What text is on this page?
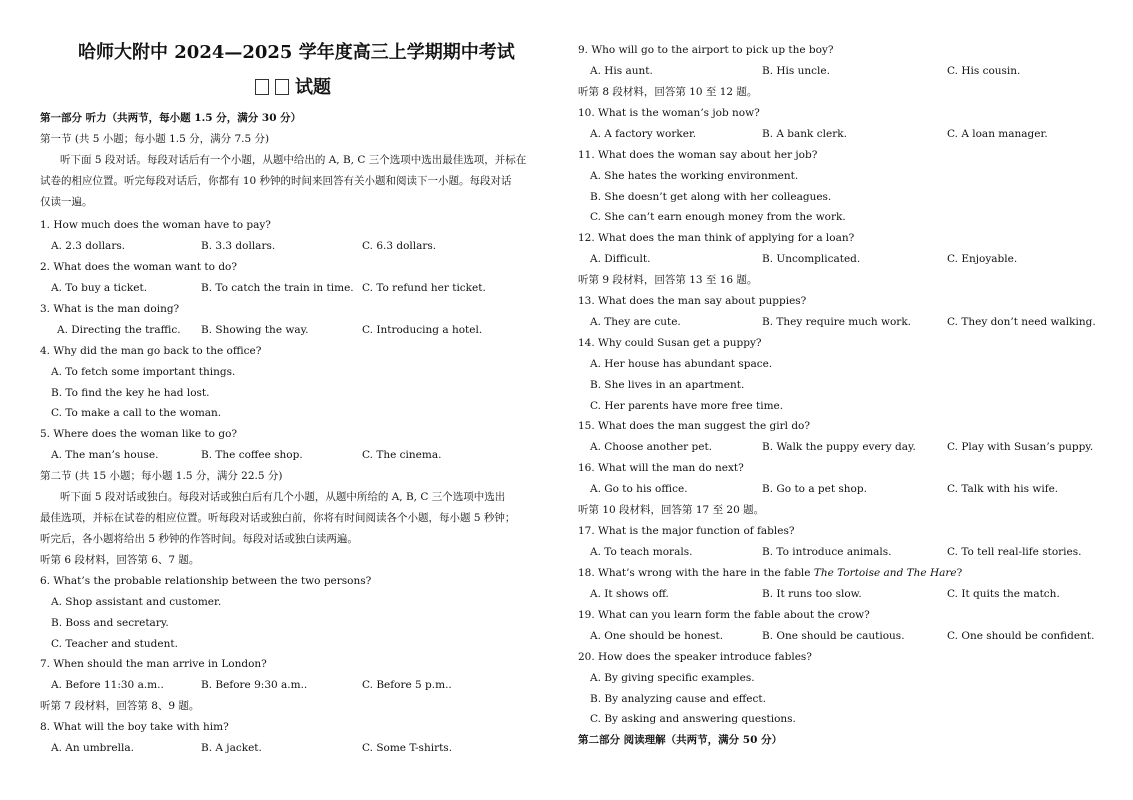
哈师大附中 2024—2025 学年度高三上学期期中考试
试题
第一部分 听力（共两节，每小题 1.5 分，满分 30 分）
第一节 (共 5 小题；每小题 1.5 分，满分 7.5 分)
听下面 5 段对话。每段对话后有一个小题，从题中给出的 A, B, C 三个选项中选出最佳选项，并标在
试卷的相应位置。听完每段对话后，你都有 10 秒钟的时间来回答有关小题和阅读下一小题。每段对话
仅读一遍。
1. How much does the woman have to pay?
A. 2.3 dollars.	B. 3.3 dollars.	C. 6.3 dollars.
2. What does the woman want to do?
A. To buy a ticket.	B. To catch the train in time. C. To refund her ticket.
3. What is the man doing?
A. Directing the traffic. B. Showing the way.	C. Introducing a hotel.
4. Why did the man go back to the office?
A. To fetch some important things.
B. To find the key he had lost.
C. To make a call to the woman.
5. Where does the woman like to go?
A. The man’s house.	B. The coffee shop.	C. The cinema.
第二节 (共 15 小题；每小题 1.5 分，满分 22.5 分)
听下面 5 段对话或独白。每段对话或独白后有几个小题，从题中所给的 A, B, C 三个选项中选出
最佳选项，并标在试卷的相应位置。听每段对话或独白前，你将有时间阅读各个小题，每小题 5 秒钟；
听完后，各小题将给出 5 秒钟的作答时间。每段对话或独白读两遍。
听第 6 段材料，回答第 6、7 题。
6. What’s the probable relationship between the two persons?
A. Shop assistant and customer.
B. Boss and secretary.
C. Teacher and student.
7. When should the man arrive in London?
A. Before 11:30 a.m..	B. Before 9:30 a.m..	C. Before 5 p.m..
听第 7 段材料，回答第 8、9 题。
8. What will the boy take with him?
A. An umbrella.	B. A jacket.	C. Some T-shirts.
9. Who will go to the airport to pick up the boy?
A. His aunt.	B. His uncle.	C. His cousin.
听第 8 段材料，回答第 10 至 12 题。
10. What is the woman’s job now?
A. A factory worker.	B. A bank clerk.	C. A loan manager.
11. What does the woman say about her job?
A. She hates the working environment.
B. She doesn’t get along with her colleagues.
C. She can’t earn enough money from the work.
12. What does the man think of applying for a loan?
A. Difficult.	B. Uncomplicated.	C. Enjoyable.
听第 9 段材料，回答第 13 至 16 题。
13. What does the man say about puppies?
A. They are cute.	B. They require much work.	C. They don’t need walking.
14. Why could Susan get a puppy?
A. Her house has abundant space.
B. She lives in an apartment.
C. Her parents have more free time.
15. What does the man suggest the girl do?
A. Choose another pet.	B. Walk the puppy every day.	C. Play with Susan’s puppy.
16. What will the man do next?
A. Go to his office.	B. Go to a pet shop.	C. Talk with his wife.
听第 10 段材料，回答第 17 至 20 题。
17. What is the major function of fables?
A. To teach morals.	B. To introduce animals.	C. To tell real-life stories.
18. What’s wrong with the hare in the fable The Tortoise and The Hare?
A. It shows off.	B. It runs too slow.	C. It quits the match.
19. What can you learn form the fable about the crow?
A. One should be honest.	B. One should be cautious.	C. One should be confident.
20. How does the speaker introduce fables?
A. By giving specific examples.
B. By analyzing cause and effect.
C. By asking and answering questions.
第二部分 阅读理解（共两节，满分 50 分）
